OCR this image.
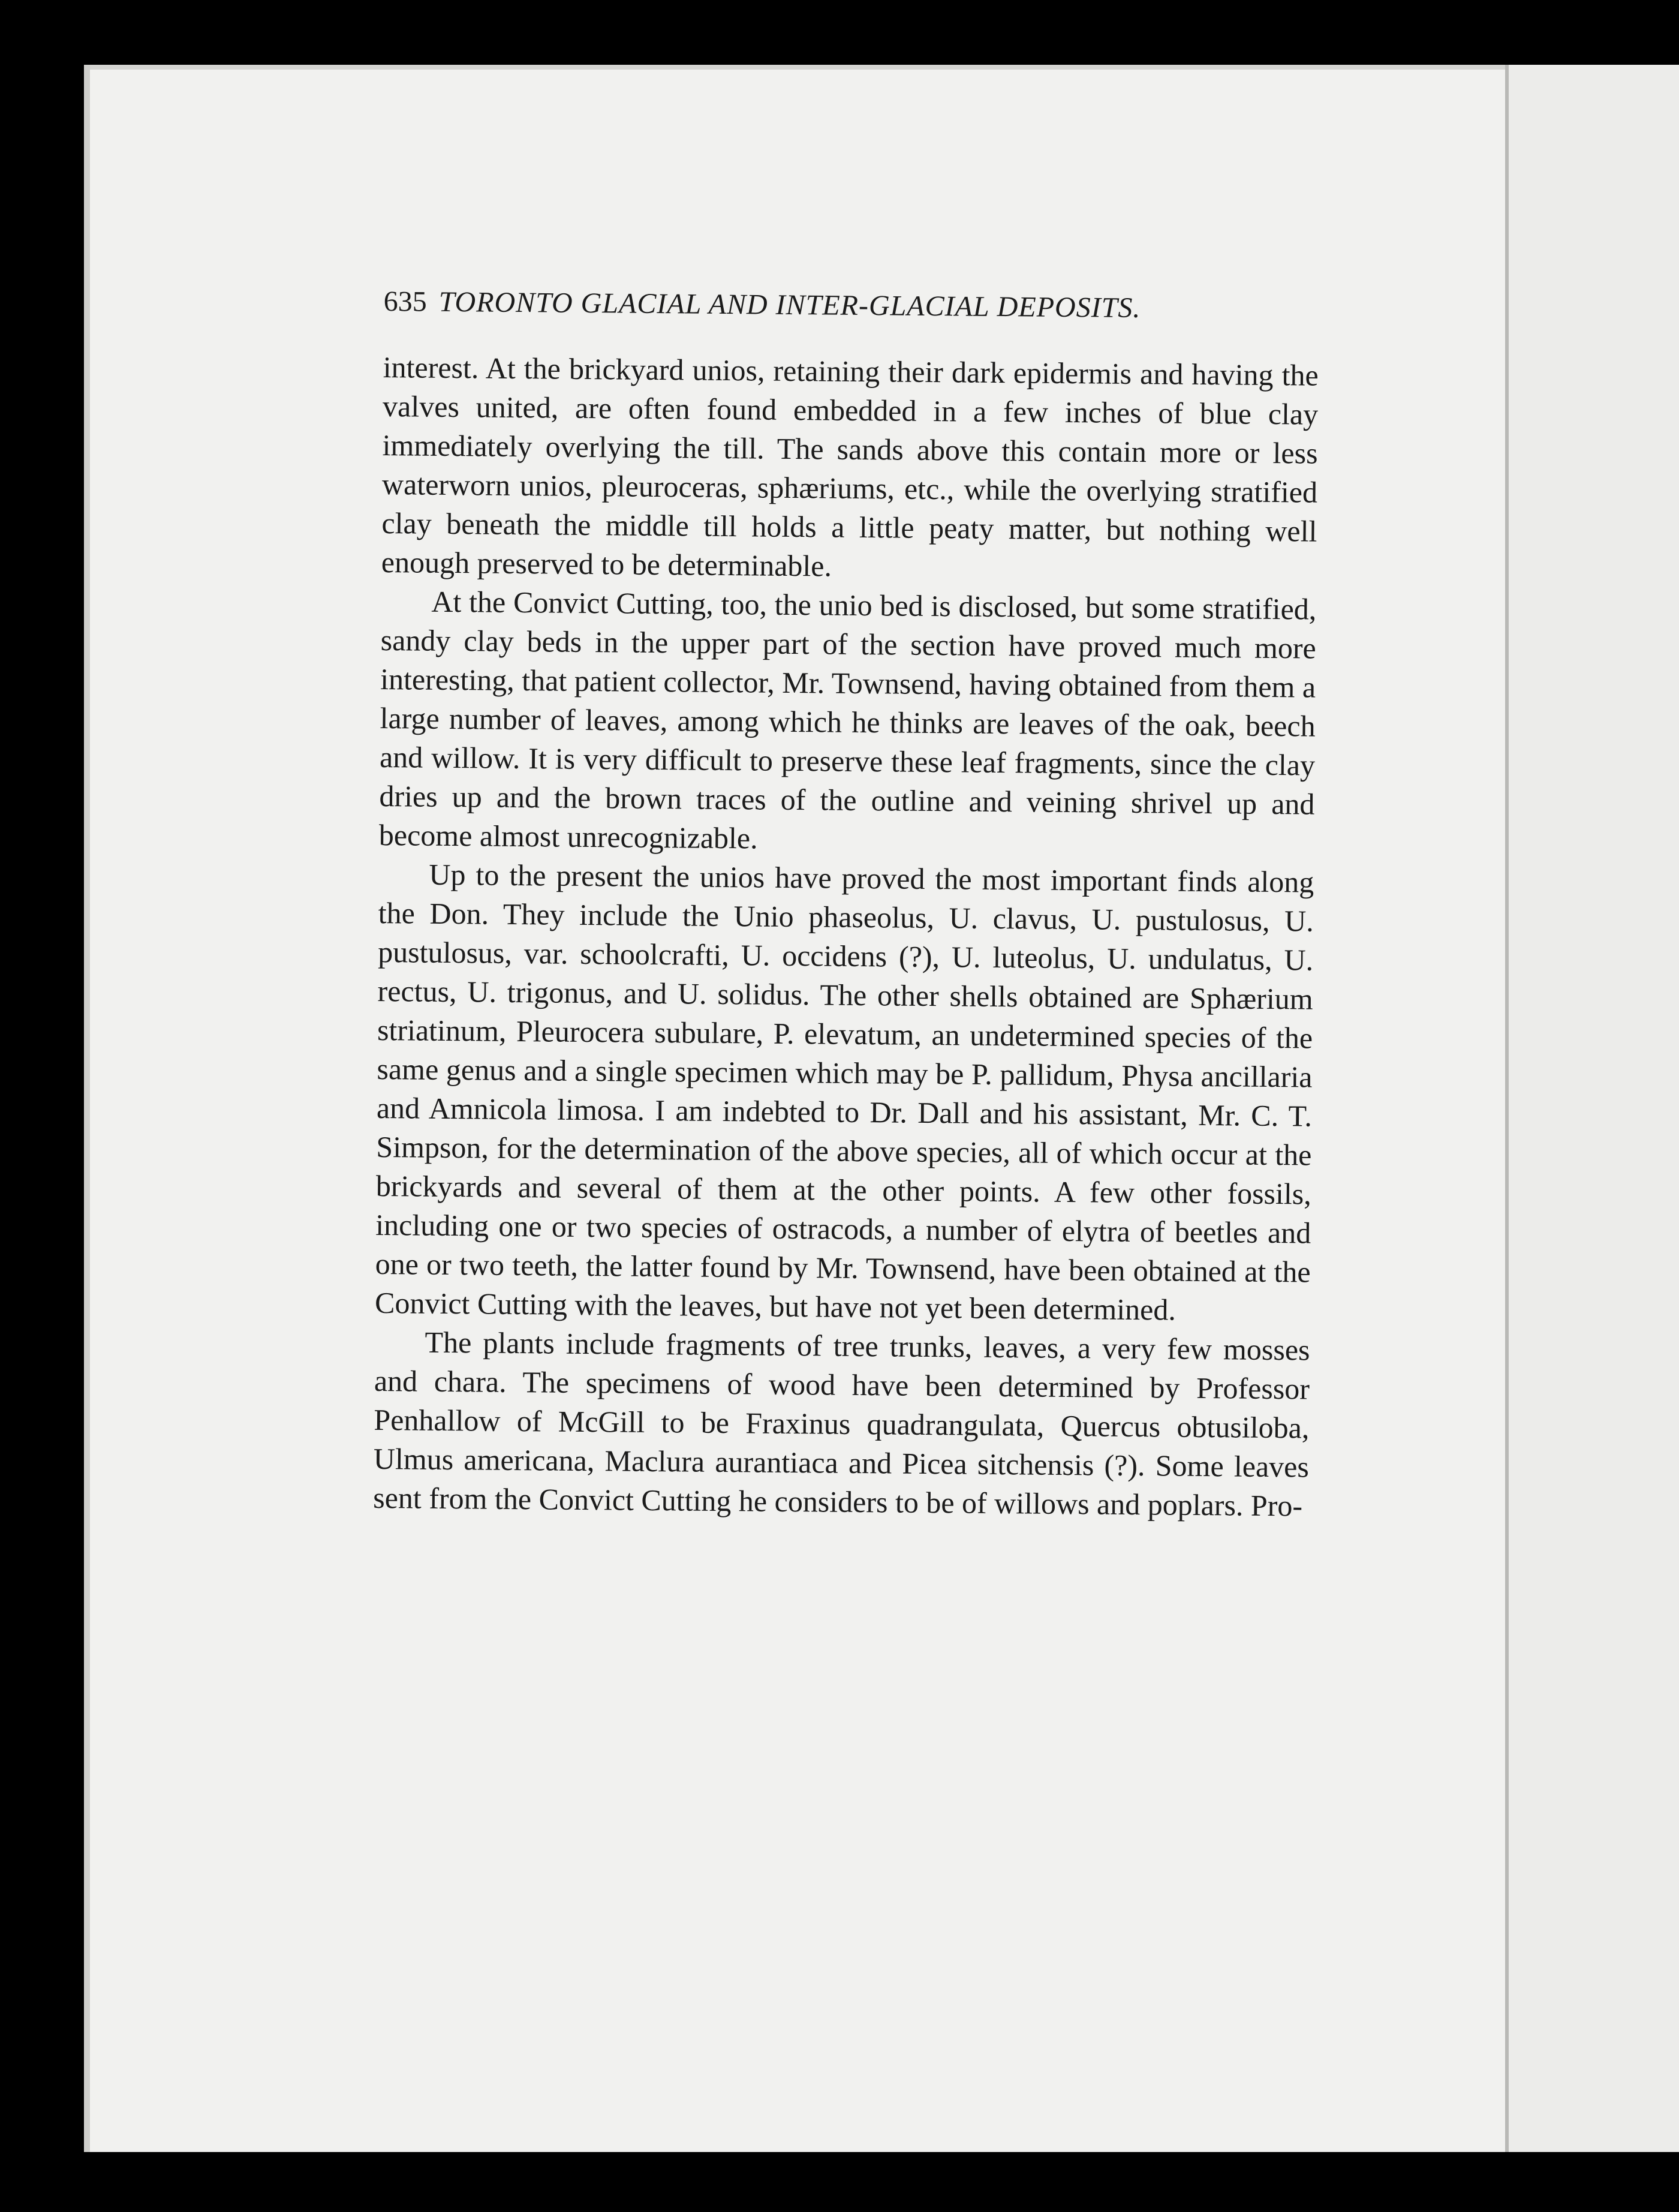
635 TORONTO GLACIAL AND INTER-GLACIAL DEPOSITS.

interest. At the brickyard unios, retaining their dark epidermis and having the valves united, are often found embedded in a few inches of blue clay immediately overlying the till. The sands above this contain more or less waterworn unios, pleuroceras, sphæriums, etc., while the overlying stratified clay beneath the middle till holds a little peaty matter, but nothing well enough preserved to be determinable.

At the Convict Cutting, too, the unio bed is disclosed, but some stratified, sandy clay beds in the upper part of the section have proved much more interesting, that patient collector, Mr. Townsend, having obtained from them a large number of leaves, among which he thinks are leaves of the oak, beech and willow. It is very difficult to preserve these leaf fragments, since the clay dries up and the brown traces of the outline and veining shrivel up and become almost unrecognizable.

Up to the present the unios have proved the most important finds along the Don. They include the Unio phaseolus, U. clavus, U. pustulosus, U. pustulosus, var. schoolcrafti, U. occidens (?), U. luteolus, U. undulatus, U. rectus, U. trigonus, and U. solidus. The other shells obtained are Sphærium striatinum, Pleurocera subulare, P. elevatum, an undetermined species of the same genus and a single specimen which may be P. pallidum, Physa ancillaria and Amnicola limosa. I am indebted to Dr. Dall and his assistant, Mr. C. T. Simpson, for the determination of the above species, all of which occur at the brickyards and several of them at the other points. A few other fossils, including one or two species of ostracods, a number of elytra of beetles and one or two teeth, the latter found by Mr. Townsend, have been obtained at the Convict Cutting with the leaves, but have not yet been determined.

The plants include fragments of tree trunks, leaves, a very few mosses and chara. The specimens of wood have been determined by Professor Penhallow of McGill to be Fraxinus quadrangulata, Quercus obtusiloba, Ulmus americana, Maclura aurantiaca and Picea sitchensis (?). Some leaves sent from the Convict Cutting he considers to be of willows and poplars. Pro-
